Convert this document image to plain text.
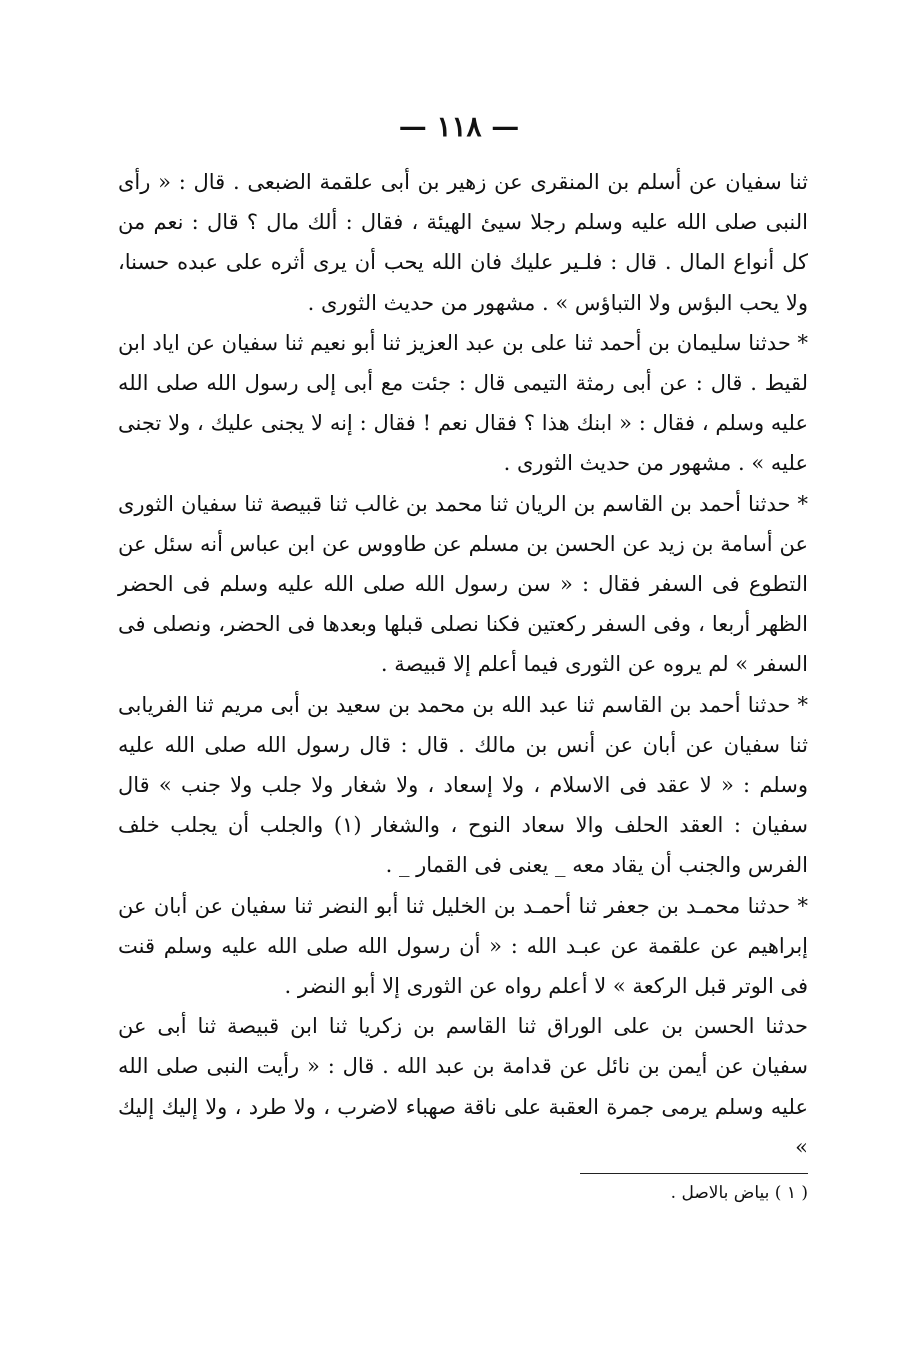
— ١١٨ —

ثنا سفيان عن أسلم بن المنقرى عن زهير بن أبى علقمة الضبعى . قال : « رأى النبى صلى الله عليه وسلم رجلا سيئ الهيئة ، فقال : ألك مال ؟ قال : نعم من كل أنواع المال . قال : فلـير عليك فان الله يحب أن يرى أثره على عبده حسنا، ولا يحب البؤس ولا التباؤس » . مشهور من حديث الثورى .

* حدثنا سليمان بن أحمد ثنا على بن عبد العزيز ثنا أبو نعيم ثنا سفيان عن اياد ابن لقيط . قال : عن أبى رمثة التيمى قال : جئت مع أبى إلى رسول الله صلى الله عليه وسلم ، فقال : « ابنك هذا ؟ فقال نعم ! فقال : إنه لا يجنى عليك ، ولا تجنى عليه » . مشهور من حديث الثورى .

* حدثنا أحمد بن القاسم بن الريان ثنا محمد بن غالب ثنا قبيصة ثنا سفيان الثورى عن أسامة بن زيد عن الحسن بن مسلم عن طاووس عن ابن عباس أنه سئل عن التطوع فى السفر فقال : « سن رسول الله صلى الله عليه وسلم فى الحضر الظهر أربعا ، وفى السفر ركعتين فكنا نصلى قبلها وبعدها فى الحضر، ونصلى فى السفر » لم يروه عن الثورى فيما أعلم إلا قبيصة .

* حدثنا أحمد بن القاسم ثنا عبد الله بن محمد بن سعيد بن أبى مريم ثنا الفريابى ثنا سفيان عن أبان عن أنس بن مالك . قال : قال رسول الله صلى الله عليه وسلم : « لا عقد فى الاسلام ، ولا إسعاد ، ولا شغار ولا جلب ولا جنب » قال سفيان : العقد الحلف والا سعاد النوح ، والشغار (١) والجلب أن يجلب خلف الفرس والجنب أن يقاد معه _ يعنى فى القمار _ .

* حدثنا محمـد بن جعفر ثنا أحمـد بن الخليل ثنا أبو النضر ثنا سفيان عن أبان عن إبراهيم عن علقمة عن عبـد الله : « أن رسول الله صلى الله عليه وسلم قنت فى الوتر قبل الركعة » لا أعلم رواه عن الثورى إلا أبو النضر .

حدثنا الحسن بن على الوراق ثنا القاسم بن زكريا ثنا ابن قبيصة ثنا أبى عن سفيان عن أيمن بن نائل عن قدامة بن عبد الله . قال : « رأيت النبى صلى الله عليه وسلم يرمى جمرة العقبة على ناقة صهباء لاضرب ، ولا طرد ، ولا إليك إليك »

( ١ ) بياض بالاصل .
